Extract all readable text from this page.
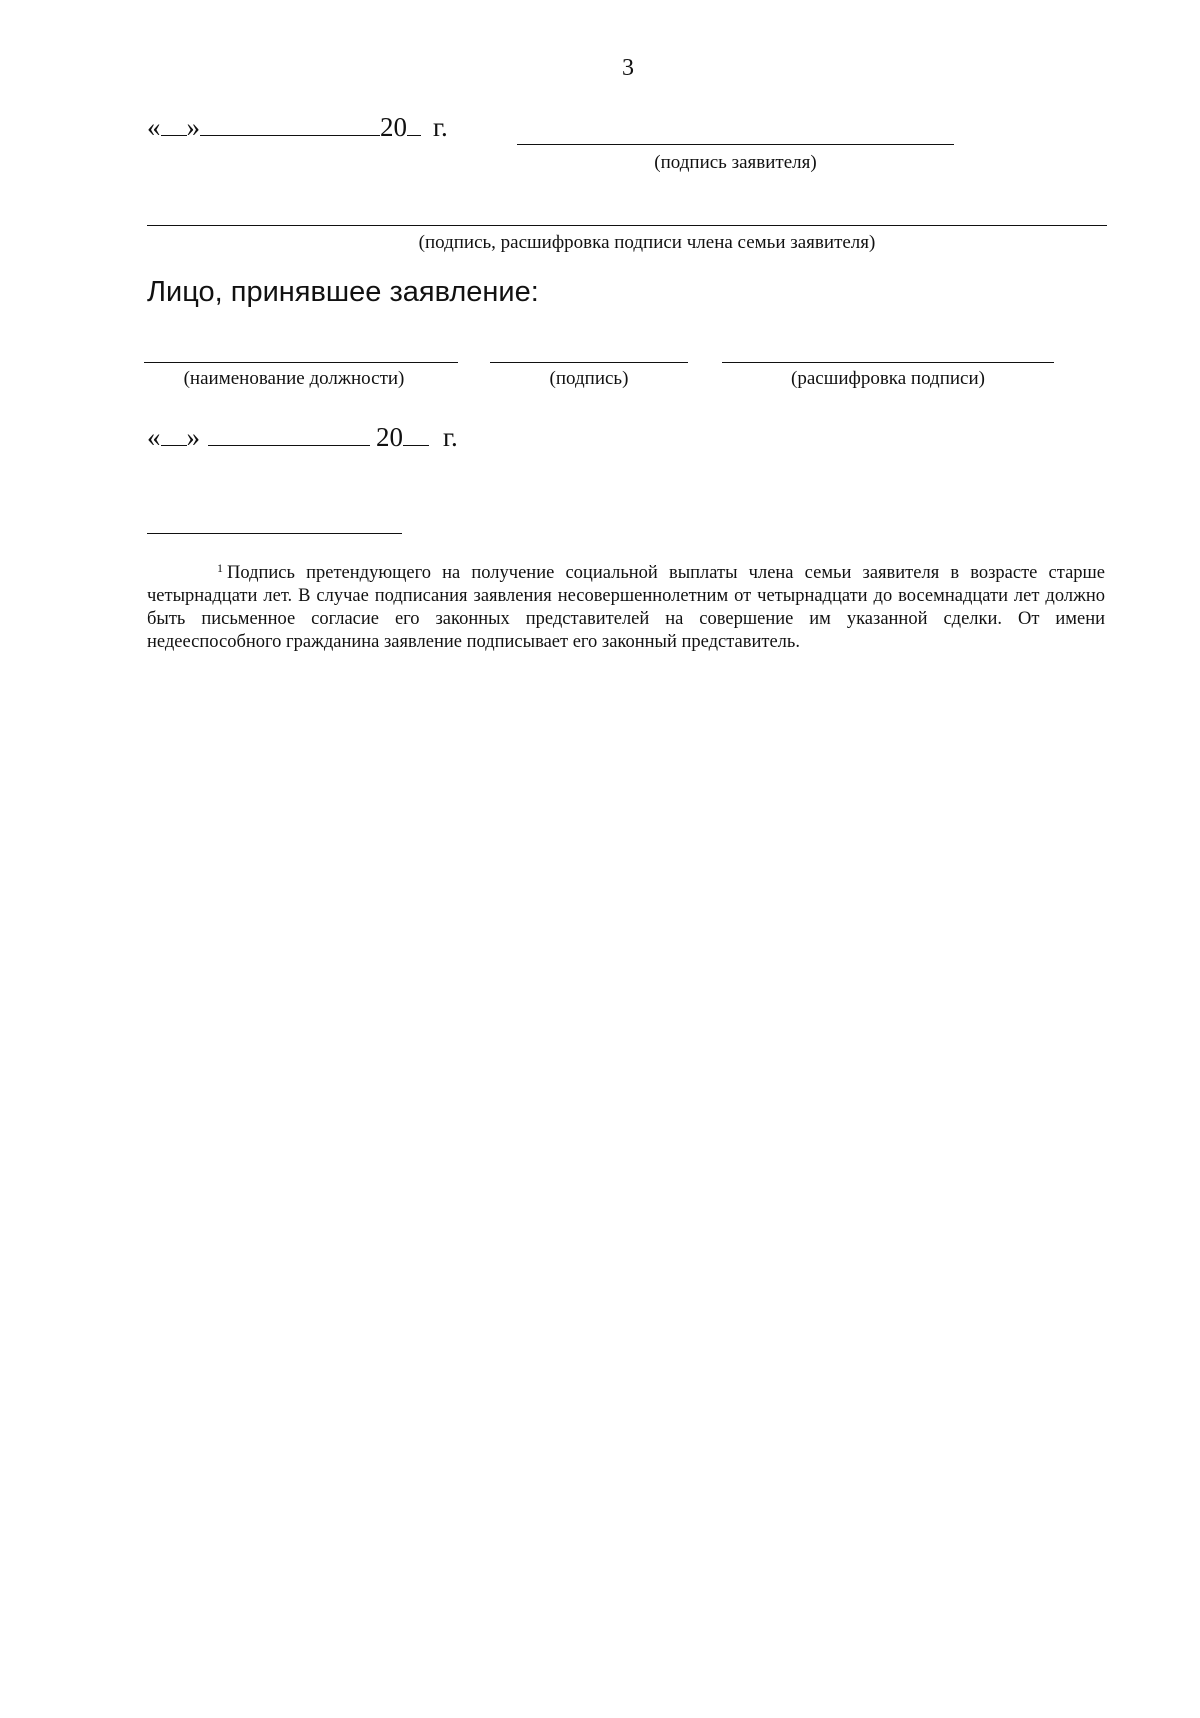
3
« »	20 г.
(подпись заявителя)
(подпись, расшифровка подписи члена семьи заявителя)
Лицо, принявшее заявление:
(наименование должности)	(подпись)	(расшифровка подписи)
« »	20 г.

$^1$ Подпись претендующего на получение социальной выплаты члена семьи заявителя в возрасте старше четырнадцати лет. В случае подписания заявления несовершеннолетним от четырнадцати до восемнадцати лет должно быть письменное согласие его законных представителей на совершение им указанной сделки. От имени недееспособного гражданина заявление подписывает его законный представитель.
